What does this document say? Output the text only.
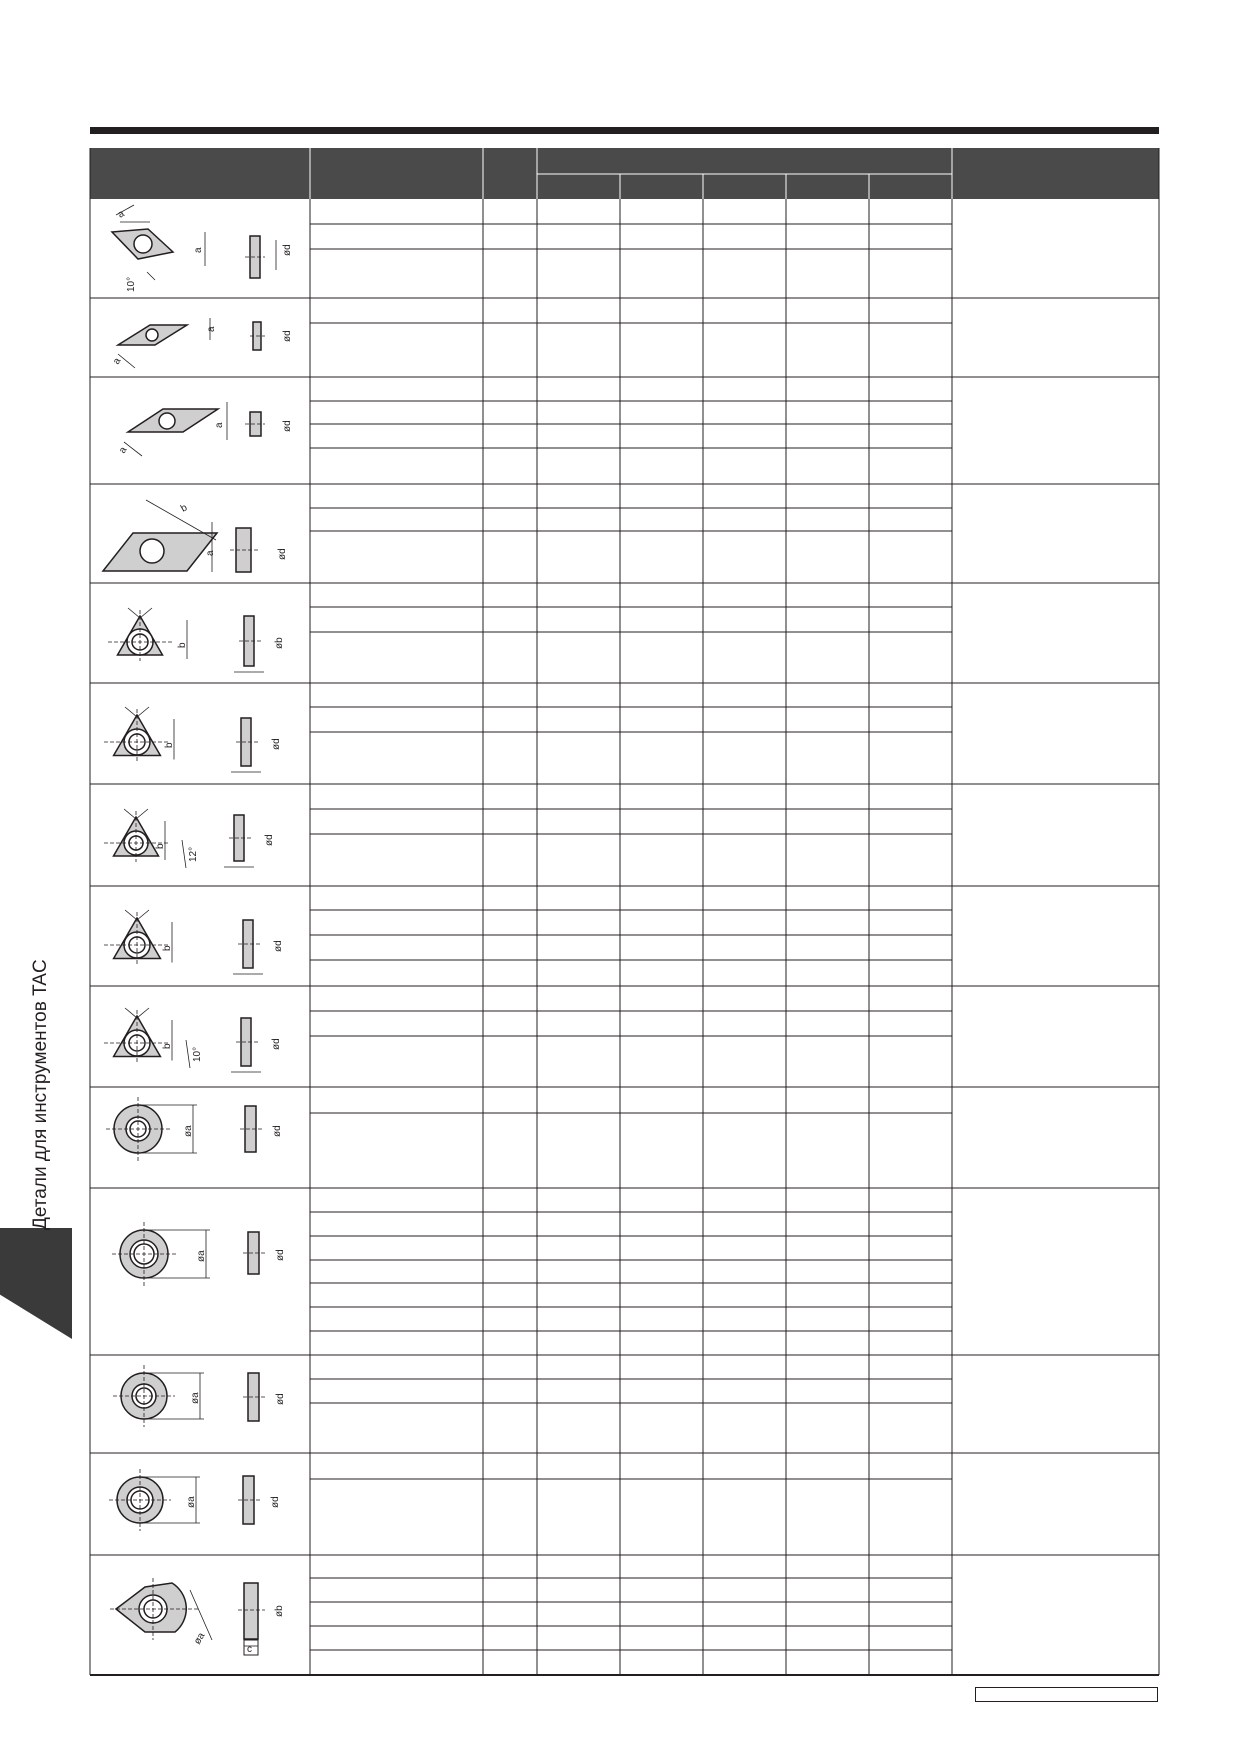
Детали для инструментов TAC
a
a
10°
ød
a
a
ød
a
a
ød
b
a	ød
b	øb
b	ød
b
ød
12°
b	ød
b	ød
10°
øa	ød
øa	ød
øa	ød
øa	ød
øa
øb
c
